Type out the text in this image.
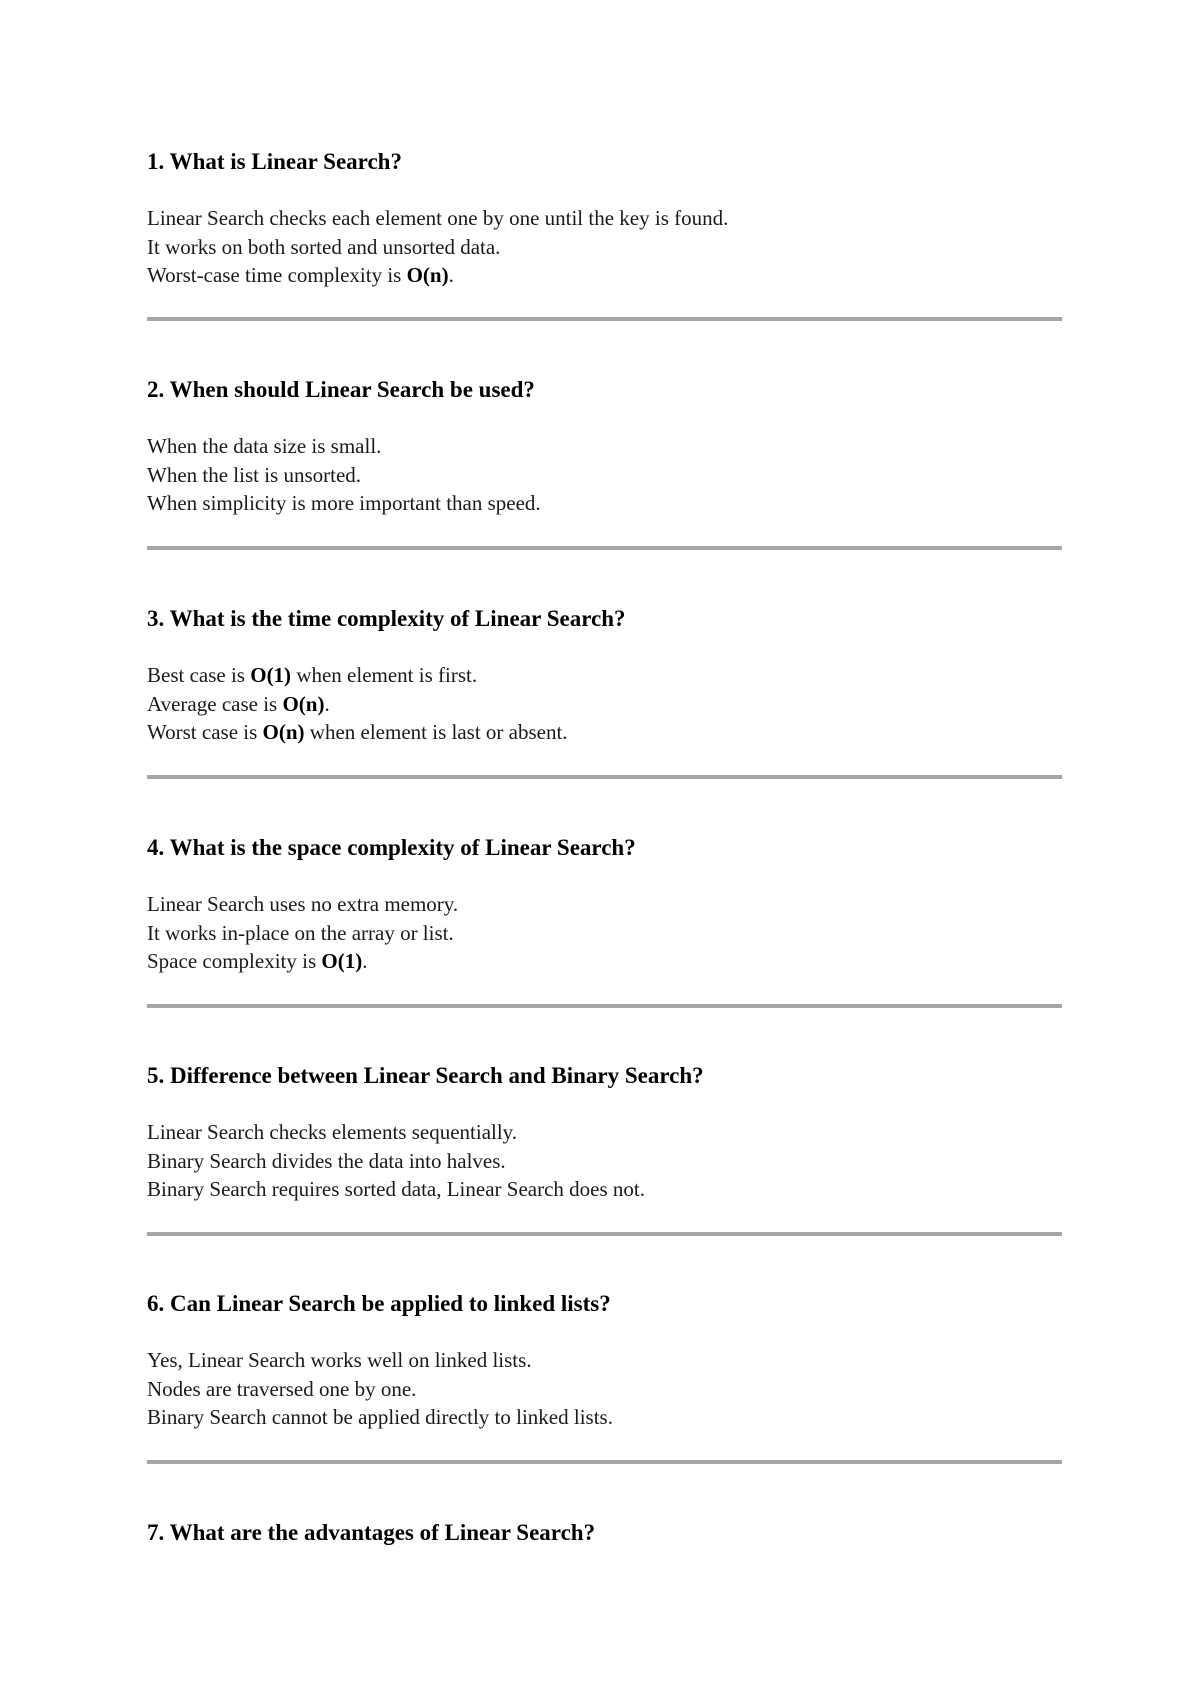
1. What is Linear Search?
Linear Search checks each element one by one until the key is found.
It works on both sorted and unsorted data.
Worst-case time complexity is O(n).
2. When should Linear Search be used?
When the data size is small.
When the list is unsorted.
When simplicity is more important than speed.
3. What is the time complexity of Linear Search?
Best case is O(1) when element is first.
Average case is O(n).
Worst case is O(n) when element is last or absent.
4. What is the space complexity of Linear Search?
Linear Search uses no extra memory.
It works in-place on the array or list.
Space complexity is O(1).
5. Difference between Linear Search and Binary Search?
Linear Search checks elements sequentially.
Binary Search divides the data into halves.
Binary Search requires sorted data, Linear Search does not.
6. Can Linear Search be applied to linked lists?
Yes, Linear Search works well on linked lists.
Nodes are traversed one by one.
Binary Search cannot be applied directly to linked lists.
7. What are the advantages of Linear Search?
